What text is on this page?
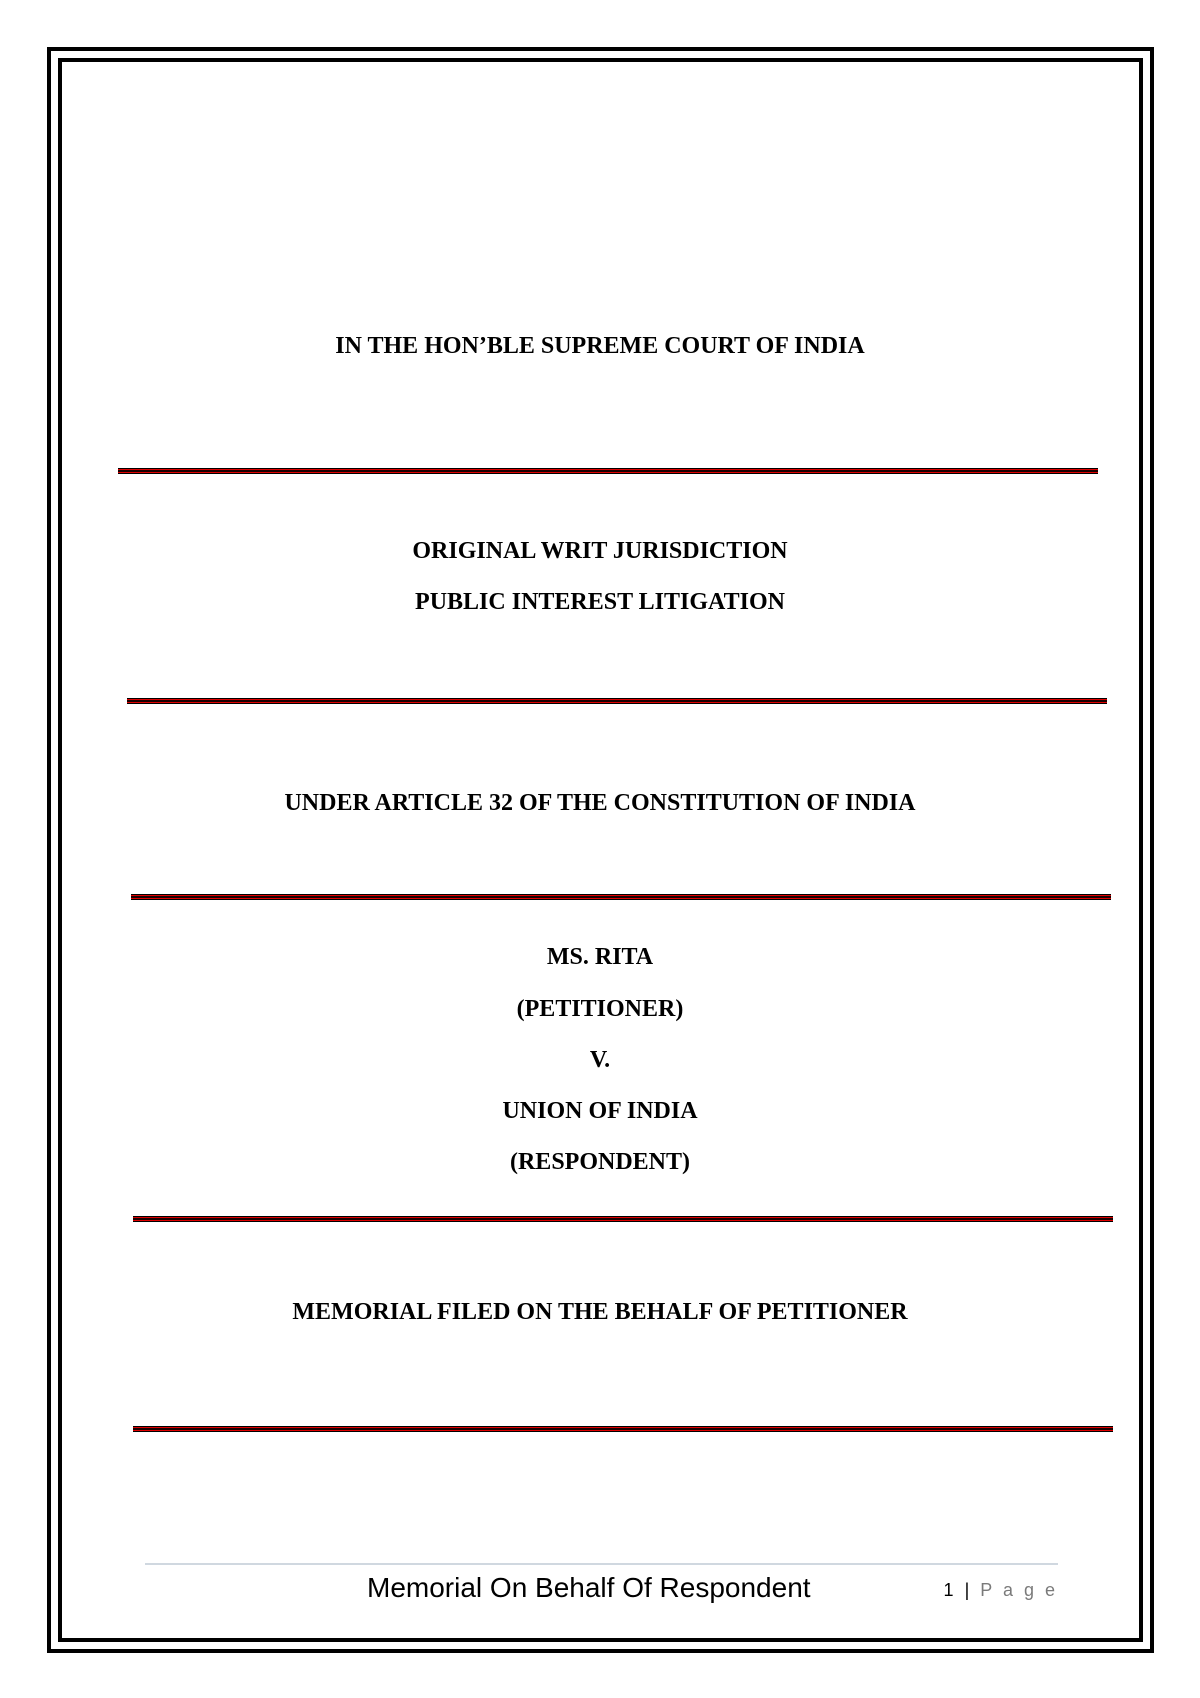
IN THE HON’BLE SUPREME COURT OF INDIA
ORIGINAL WRIT JURISDICTION
PUBLIC INTEREST LITIGATION
UNDER ARTICLE 32 OF THE CONSTITUTION OF INDIA
MS. RITA
(PETITIONER)
V.
UNION OF INDIA
(RESPONDENT)
MEMORIAL FILED ON THE BEHALF OF PETITIONER
Memorial On Behalf Of Respondent	1 | P a g e
